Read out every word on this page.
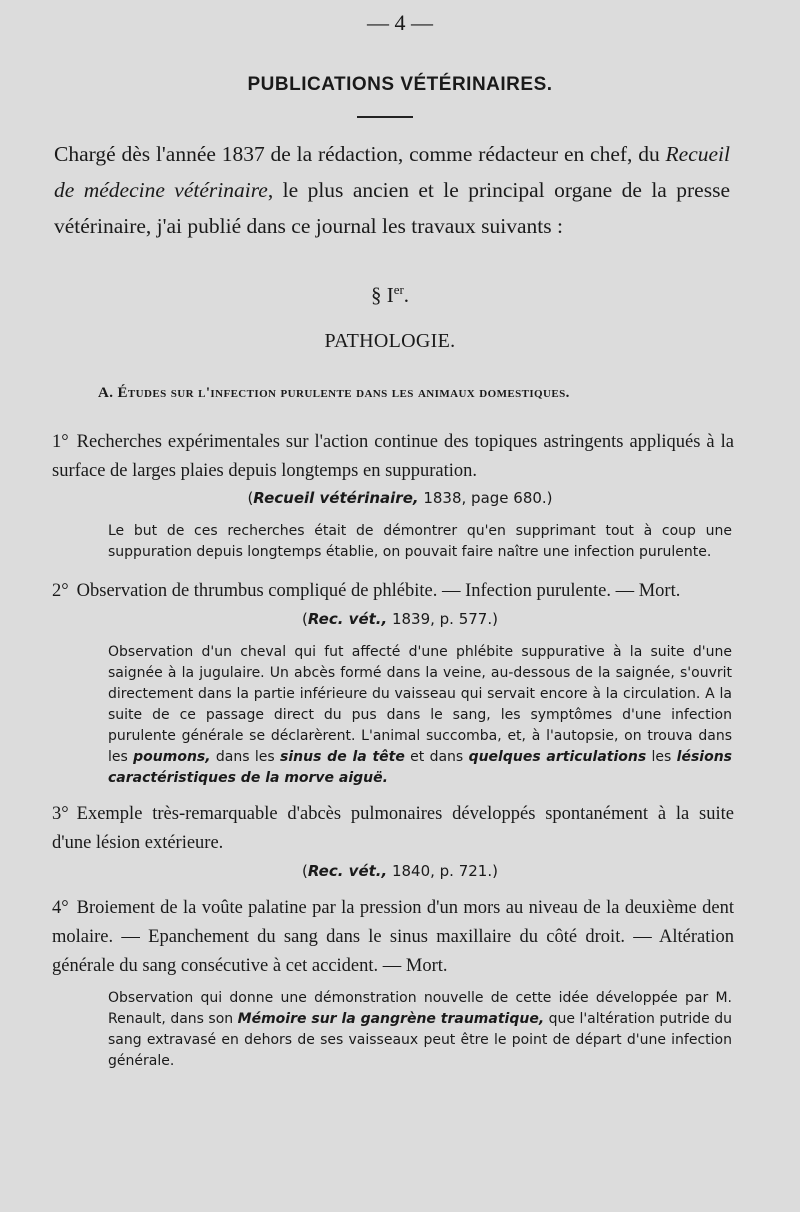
— 4 —
PUBLICATIONS VÉTÉRINAIRES.

Chargé dès l'année 1837 de la rédaction, comme rédacteur en chef, du Recueil de médecine vétérinaire, le plus ancien et le principal organe de la presse vétérinaire, j'ai publié dans ce journal les travaux suivants :

§ Ier.
PATHOLOGIE.
A. Études sur l'infection purulente dans les animaux domestiques.

1° Recherches expérimentales sur l'action continue des topiques astringents appliqués à la surface de larges plaies depuis longtemps en suppuration.

(Recueil vétérinaire, 1838, page 680.)

Le but de ces recherches était de démontrer qu'en supprimant tout à coup une suppuration depuis longtemps établie, on pouvait faire naître une infection purulente.

2° Observation de thrumbus compliqué de phlébite. — Infection purulente. — Mort.

(Rec. vét., 1839, p. 577.)

Observation d'un cheval qui fut affecté d'une phlébite suppurative à la suite d'une saignée à la jugulaire. Un abcès formé dans la veine, au-dessous de la saignée, s'ouvrit directement dans la partie inférieure du vaisseau qui servait encore à la circulation. A la suite de ce passage direct du pus dans le sang, les symptômes d'une infection purulente générale se déclarèrent. L'animal succomba, et, à l'autopsie, on trouva dans les poumons, dans les sinus de la tête et dans quelques articulations les lésions caractéristiques de la morve aiguë.

3° Exemple très-remarquable d'abcès pulmonaires développés spontanément à la suite d'une lésion extérieure.

(Rec. vét., 1840, p. 721.)

4° Broiement de la voûte palatine par la pression d'un mors au niveau de la deuxième dent molaire. — Epanchement du sang dans le sinus maxillaire du côté droit. — Altération générale du sang consécutive à cet accident. — Mort.

Observation qui donne une démonstration nouvelle de cette idée développée par M. Renault, dans son Mémoire sur la gangrène traumatique, que l'altération putride du sang extravasé en dehors de ses vaisseaux peut être le point de départ d'une infection générale.
